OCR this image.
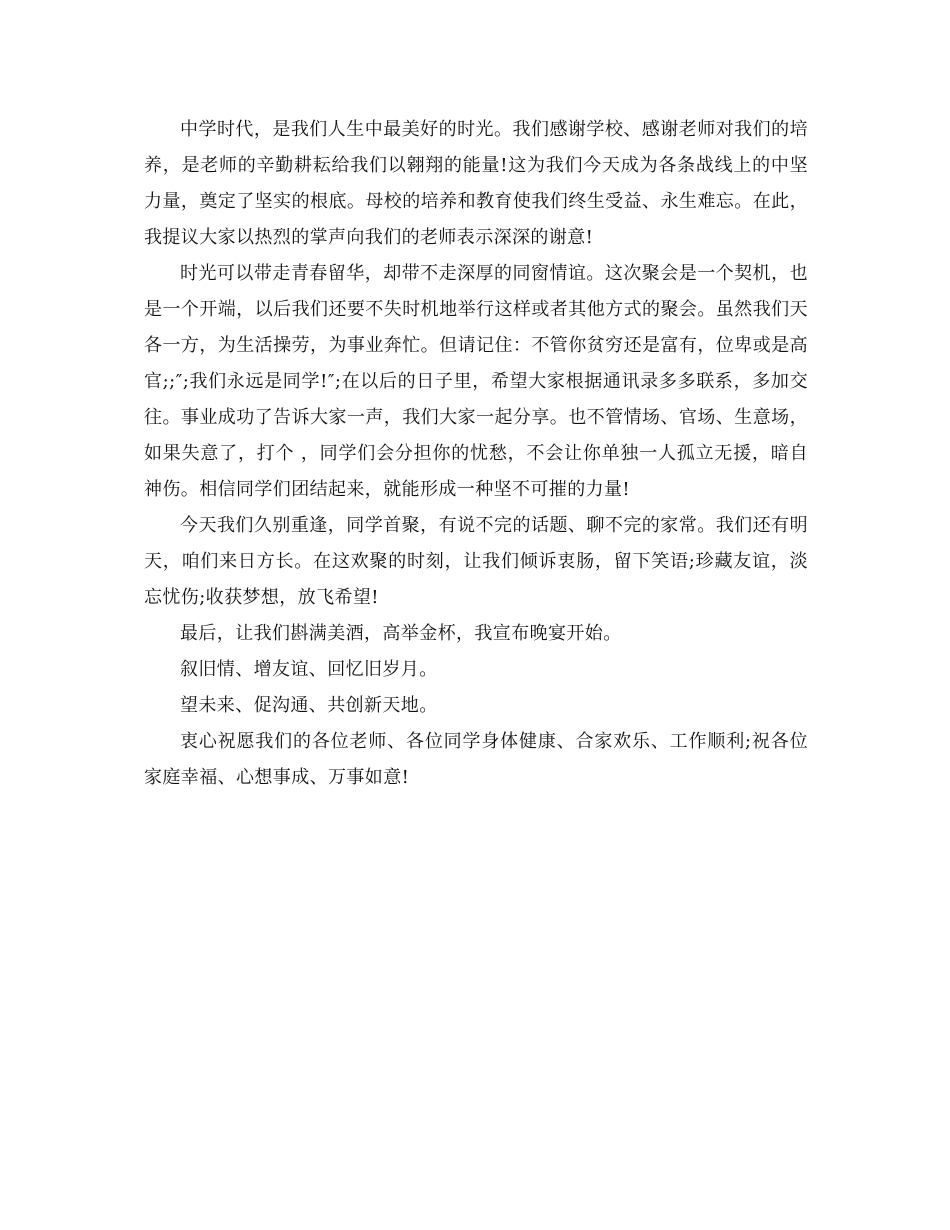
中学时代，是我们人生中最美好的时光。我们感谢学校、感谢老师对我们的培养，是老师的辛勤耕耘给我们以翱翔的能量!这为我们今天成为各条战线上的中坚力量，奠定了坚实的根底。母校的培养和教育使我们终生受益、永生难忘。在此，我提议大家以热烈的掌声向我们的老师表示深深的谢意!

时光可以带走青春留华，却带不走深厚的同窗情谊。这次聚会是一个契机，也是一个开端，以后我们还要不失时机地举行这样或者其他方式的聚会。虽然我们天各一方，为生活操劳，为事业奔忙。但请记住：不管你贫穷还是富有，位卑或是高官;;″;我们永远是同学!″;在以后的日子里，希望大家根据通讯录多多联系，多加交往。事业成功了告诉大家一声，我们大家一起分享。也不管情场、官场、生意场，如果失意了，打个 ，同学们会分担你的忧愁，不会让你单独一人孤立无援，暗自神伤。相信同学们团结起来，就能形成一种坚不可摧的力量!

今天我们久别重逢，同学首聚，有说不完的话题、聊不完的家常。我们还有明天，咱们来日方长。在这欢聚的时刻，让我们倾诉衷肠，留下笑语;珍藏友谊，淡忘忧伤;收获梦想，放飞希望!

最后，让我们斟满美酒，高举金杯，我宣布晚宴开始。

叙旧情、增友谊、回忆旧岁月。

望未来、促沟通、共创新天地。

衷心祝愿我们的各位老师、各位同学身体健康、合家欢乐、工作顺利;祝各位家庭幸福、心想事成、万事如意!
